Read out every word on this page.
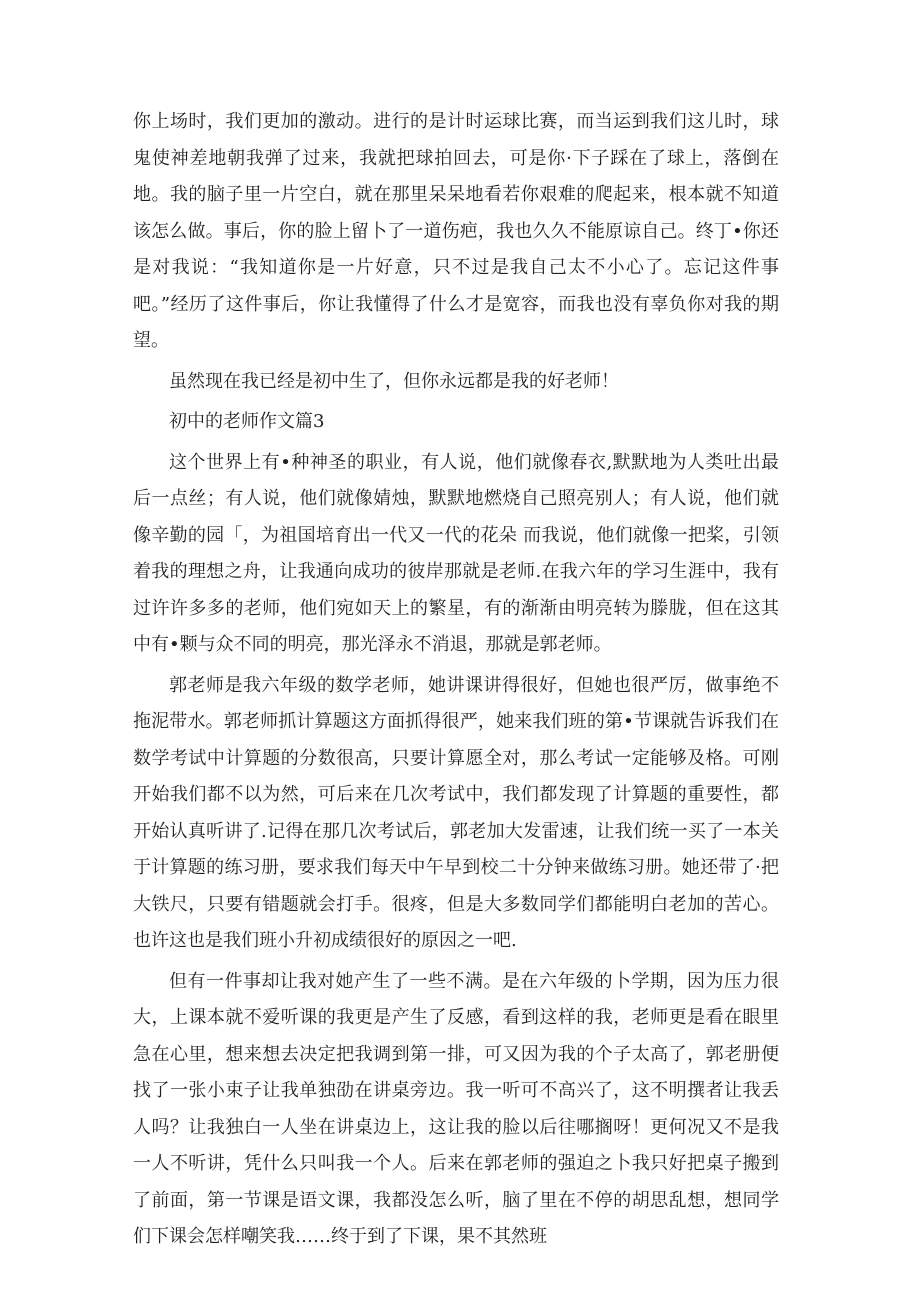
你上场时，我们更加的激动。进行的是计时运球比赛，而当运到我们这儿时，球鬼使神差地朝我弹了过来，我就把球拍回去，可是你·下子踩在了球上，落倒在地。我的脑子里一片空白，就在那里呆呆地看若你艰难的爬起来，根本就不知道该怎么做。事后，你的脸上留卜了一道伤疤，我也久久不能原谅自己。终丁•你还是对我说：“我知道你是一片好意，只不过是我自己太不小心了。忘记这件事吧。”经历了这件事后，你让我懂得了什么才是宽容，而我也没有辜负你对我的期望。

虽然现在我已经是初中生了，但你永远都是我的好老师！

初中的老师作文篇3

这个世界上有•种神圣的职业，有人说，他们就像春衣,默默地为人类吐出最后一点丝；有人说，他们就像婧烛，默默地燃烧自己照亮别人；有人说，他们就像辛勤的园「，为祖国培育出一代又一代的花朵 而我说，他们就像一把桨，引领着我的理想之舟，让我通向成功的彼岸那就是老师.在我六年的学习生涯中，我有过许许多多的老师，他们宛如天上的繁星，有的渐渐由明亮转为滕胧，但在这其中有•颗与众不同的明亮，那光泽永不消退，那就是郭老师。

郭老师是我六年级的数学老师，她讲课讲得很好，但她也很严厉，做事绝不拖泥带水。郭老师抓计算题这方面抓得很严，她来我们班的第•节课就告诉我们在数学考试中计算题的分数很高，只要计算愿全对，那么考试一定能够及格。可刚开始我们都不以为然，可后来在几次考试中，我们都发现了计算题的重要性，都开始认真听讲了.记得在那几次考试后，郭老加大发雷速，让我们统一买了一本关于计算题的练习册，要求我们每天中午早到校二十分钟来做练习册。她还带了·把大铁尺，只要有错题就会打手。很疼，但是大多数同学们都能明白老加的苦心。也许这也是我们班小升初成绩很好的原因之一吧.

但有一件事却让我对她产生了一些不满。是在六年级的卜学期，因为压力很大，上课本就不爱听课的我更是产生了反感，看到这样的我，老师更是看在眼里急在心里，想来想去决定把我调到第一排，可又因为我的个子太高了，郭老册便找了一张小束子让我单独劭在讲桌旁边。我一听可不高兴了，这不明撰者让我丢人吗？让我独白一人坐在讲桌边上，这让我的脸以后往哪搁呀！更何况又不是我一人不听讲，凭什么只叫我一个人。后来在郭老师的强迫之卜我只好把桌子搬到了前面，第一节课是语文课，我都没怎么听，脑了里在不停的胡思乱想，想同学们下课会怎样嘲笑我……终于到了下课，果不其然班
